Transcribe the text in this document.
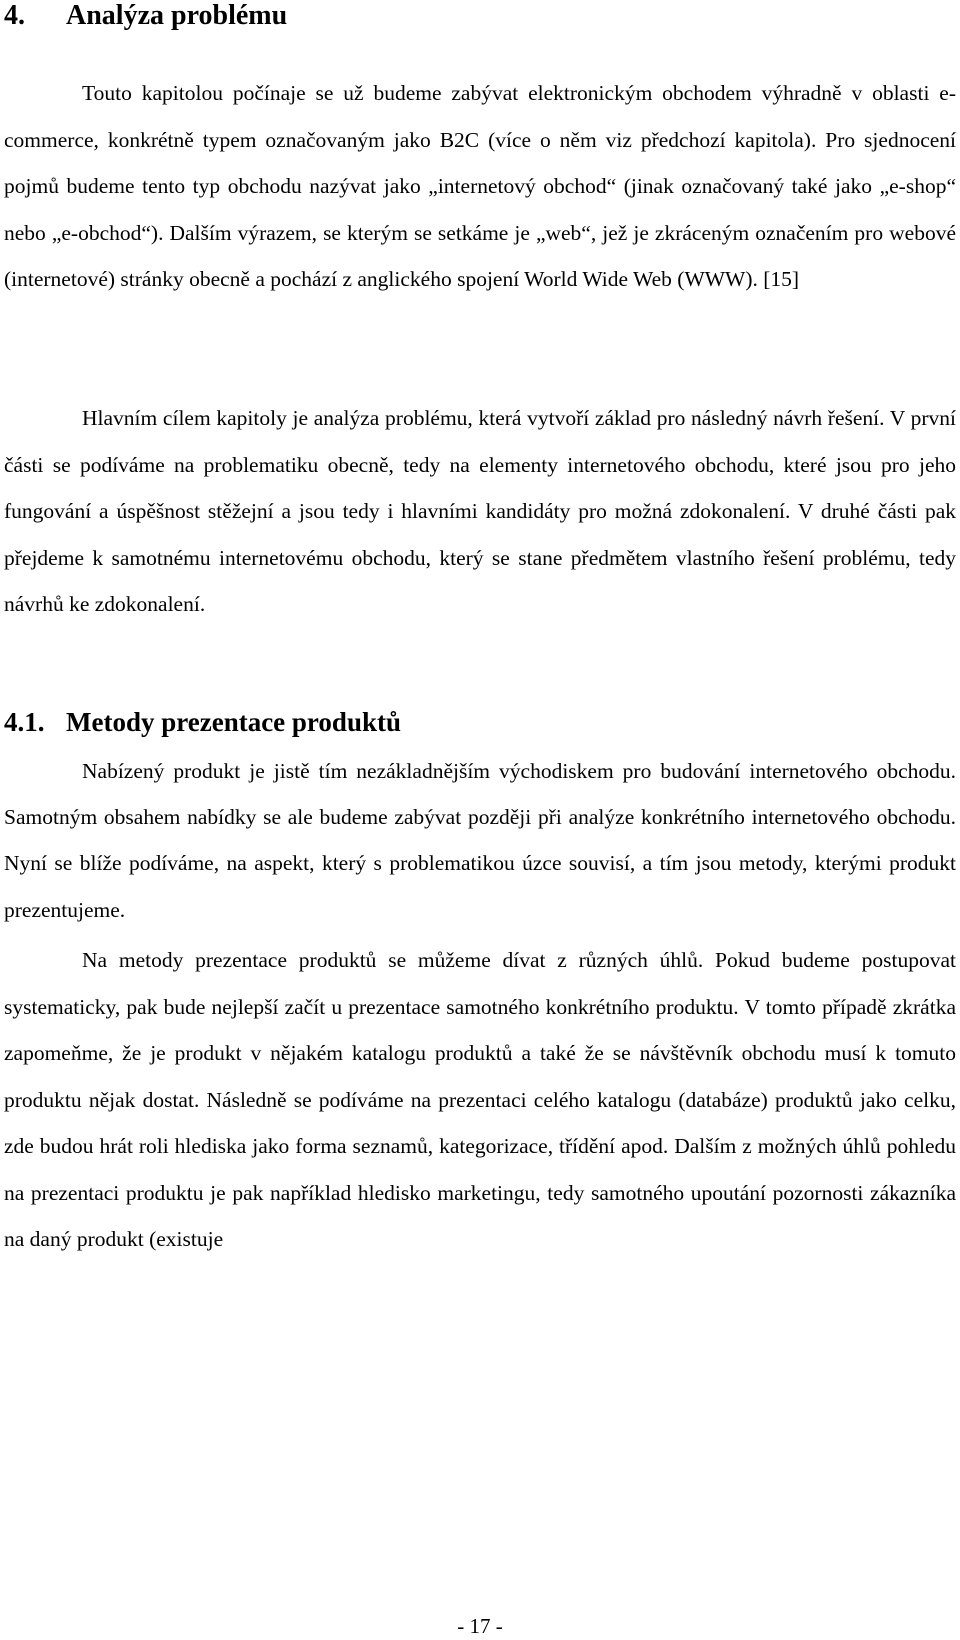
4. Analýza problému

Touto kapitolou počínaje se už budeme zabývat elektronickým obchodem výhradně v oblasti e-commerce, konkrétně typem označovaným jako B2C (více o něm viz předchozí kapitola). Pro sjednocení pojmů budeme tento typ obchodu nazývat jako „internetový obchod“ (jinak označovaný také jako „e-shop“ nebo „e-obchod“). Dalším výrazem, se kterým se setkáme je „web“, jež je zkráceným označením pro webové (internetové) stránky obecně a pochází z anglického spojení World Wide Web (WWW). [15]

Hlavním cílem kapitoly je analýza problému, která vytvoří základ pro následný návrh řešení. V první části se podíváme na problematiku obecně, tedy na elementy internetového obchodu, které jsou pro jeho fungování a úspěšnost stěžejní a jsou tedy i hlavními kandidáty pro možná zdokonalení. V druhé části pak přejdeme k samotnému internetovému obchodu, který se stane předmětem vlastního řešení problému, tedy návrhů ke zdokonalení.

4.1. Metody prezentace produktů

Nabízený produkt je jistě tím nezákladnějším východiskem pro budování internetového obchodu. Samotným obsahem nabídky se ale budeme zabývat později při analýze konkrétního internetového obchodu. Nyní se blíže podíváme, na aspekt, který s problematikou úzce souvisí, a tím jsou metody, kterými produkt prezentujeme.

Na metody prezentace produktů se můžeme dívat z různých úhlů. Pokud budeme postupovat systematicky, pak bude nejlepší začít u prezentace samotného konkrétního produktu. V tomto případě zkrátka zapomeňme, že je produkt v nějakém katalogu produktů a také že se návštěvník obchodu musí k tomuto produktu nějak dostat. Následně se podíváme na prezentaci celého katalogu (databáze) produktů jako celku, zde budou hrát roli hlediska jako forma seznamů, kategorizace, třídění apod. Dalším z možných úhlů pohledu na prezentaci produktu je pak například hledisko marketingu, tedy samotného upoutání pozornosti zákazníka na daný produkt (existuje

- 17 -
